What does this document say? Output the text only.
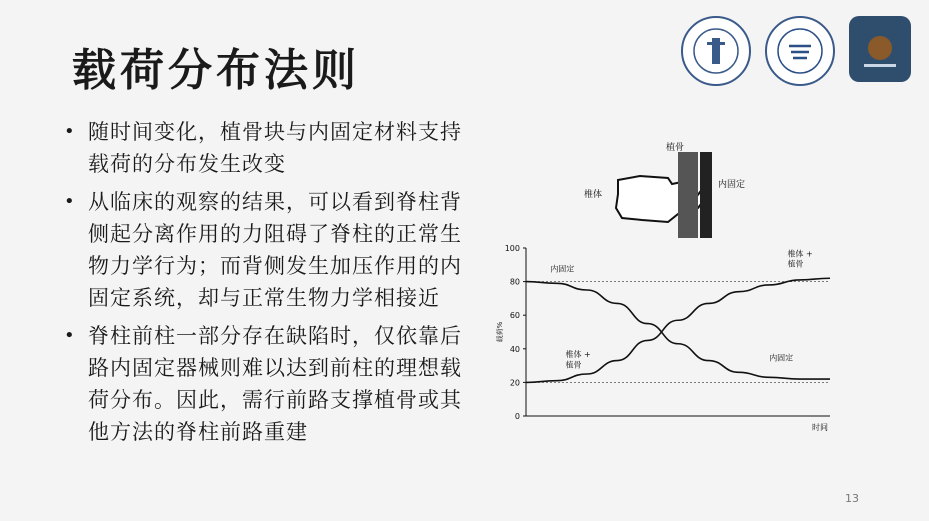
载荷分布法则
• 随时间变化，植骨块与内固定材料支持载荷的分布发生改变
• 从临床的观察的结果，可以看到脊柱背侧起分离作用的力阻碍了脊柱的正常生物力学行为；而背侧发生加压作用的内固定系统，却与正常生物力学相接近
• 脊柱前柱一部分存在缺陷时，仅依靠后路内固定器械则难以达到前柱的理想载荷分布。因此，需行前路支撑植骨或其他方法的脊柱前路重建
椎体
植骨
内固定
0
20
40
60
80
100
载荷%
时间
内固定
椎体 +
植骨
椎体 +
植骨
内固定
13
